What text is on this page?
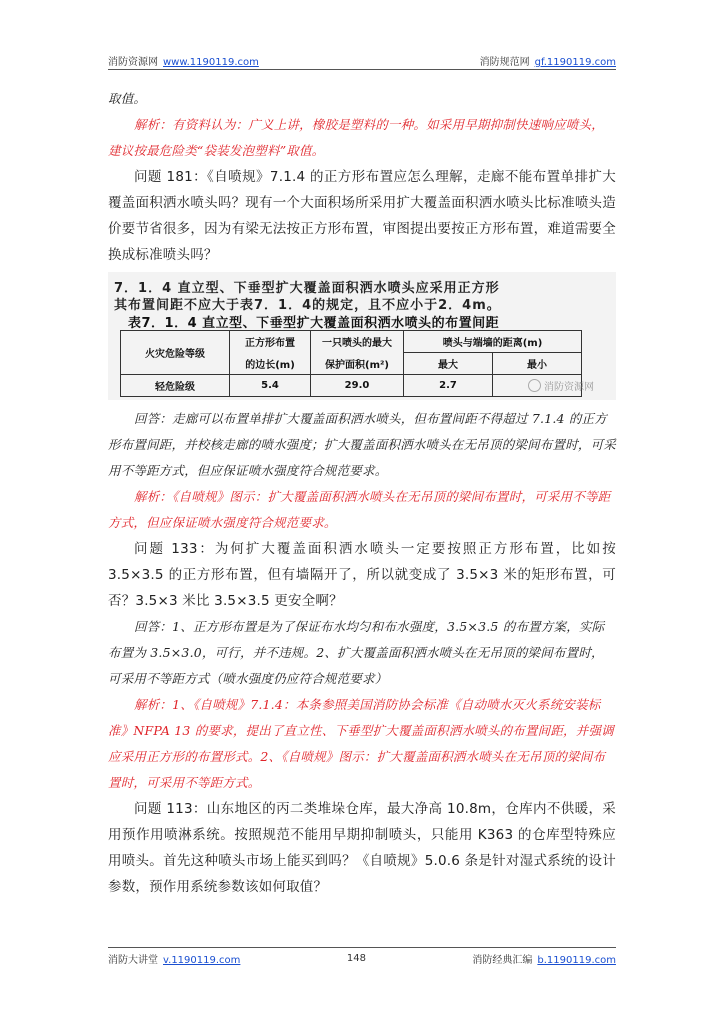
消防资源网 www.1190119.com	消防规范网 gf.1190119.com
取值。
解析：有资料认为：广义上讲，橡胶是塑料的一种。如采用早期抑制快速响应喷头，建议按最危险类“袋装发泡塑料”取值。
问题 181：《自喷规》7.1.4 的正方形布置应怎么理解，走廊不能布置单排扩大覆盖面积洒水喷头吗？现有一个大面积场所采用扩大覆盖面积洒水喷头比标准喷头造价要节省很多，因为有梁无法按正方形布置，审图提出要按正方形布置，难道需要全换成标准喷头吗？
7．1．4 直立型、下垂型扩大覆盖面积洒水喷头应采用正方形
其布置间距不应大于表7．1．4的规定，且不应小于2．4m。
表7．1．4 直立型、下垂型扩大覆盖面积洒水喷头的布置间距
火灾危险等级	正方形布置	一只喷头的最大	喷头与端墙的距离(m)	
	的边长(m)	保护面积(m²)	最大	最小
轻危险级	5.4	29.0	2.7		消防资源网
回答：走廊可以布置单排扩大覆盖面积洒水喷头，但布置间距不得超过 7.1.4 的正方形布置间距，并校核走廊的喷水强度；扩大覆盖面积洒水喷头在无吊顶的梁间布置时，可采用不等距方式，但应保证喷水强度符合规范要求。
解析：《自喷规》图示：扩大覆盖面积洒水喷头在无吊顶的梁间布置时，可采用不等距方式，但应保证喷水强度符合规范要求。
问题 133：为何扩大覆盖面积洒水喷头一定要按照正方形布置，比如按 3.5×3.5 的正方形布置，但有墙隔开了，所以就变成了 3.5×3 米的矩形布置，可否？3.5×3 米比 3.5×3.5 更安全啊？
回答：1、正方形布置是为了保证布水均匀和布水强度，3.5×3.5 的布置方案，实际布置为 3.5×3.0，可行，并不违规。2、扩大覆盖面积洒水喷头在无吊顶的梁间布置时，可采用不等距方式（喷水强度仍应符合规范要求）
解析：1、《自喷规》7.1.4：本条参照美国消防协会标准《自动喷水灭火系统安装标准》NFPA 13 的要求，提出了直立性、下垂型扩大覆盖面积洒水喷头的布置间距，并强调应采用正方形的布置形式。2、《自喷规》图示：扩大覆盖面积洒水喷头在无吊顶的梁间布置时，可采用不等距方式。
问题 113：山东地区的丙二类堆垛仓库，最大净高 10.8m，仓库内不供暖，采用预作用喷淋系统。按照规范不能用早期抑制喷头，只能用 K363 的仓库型特殊应用喷头。首先这种喷头市场上能买到吗？《自喷规》5.0.6 条是针对湿式系统的设计参数，预作用系统参数该如何取值？
消防大讲堂 v.1190119.com	148	消防经典汇编 b.1190119.com
